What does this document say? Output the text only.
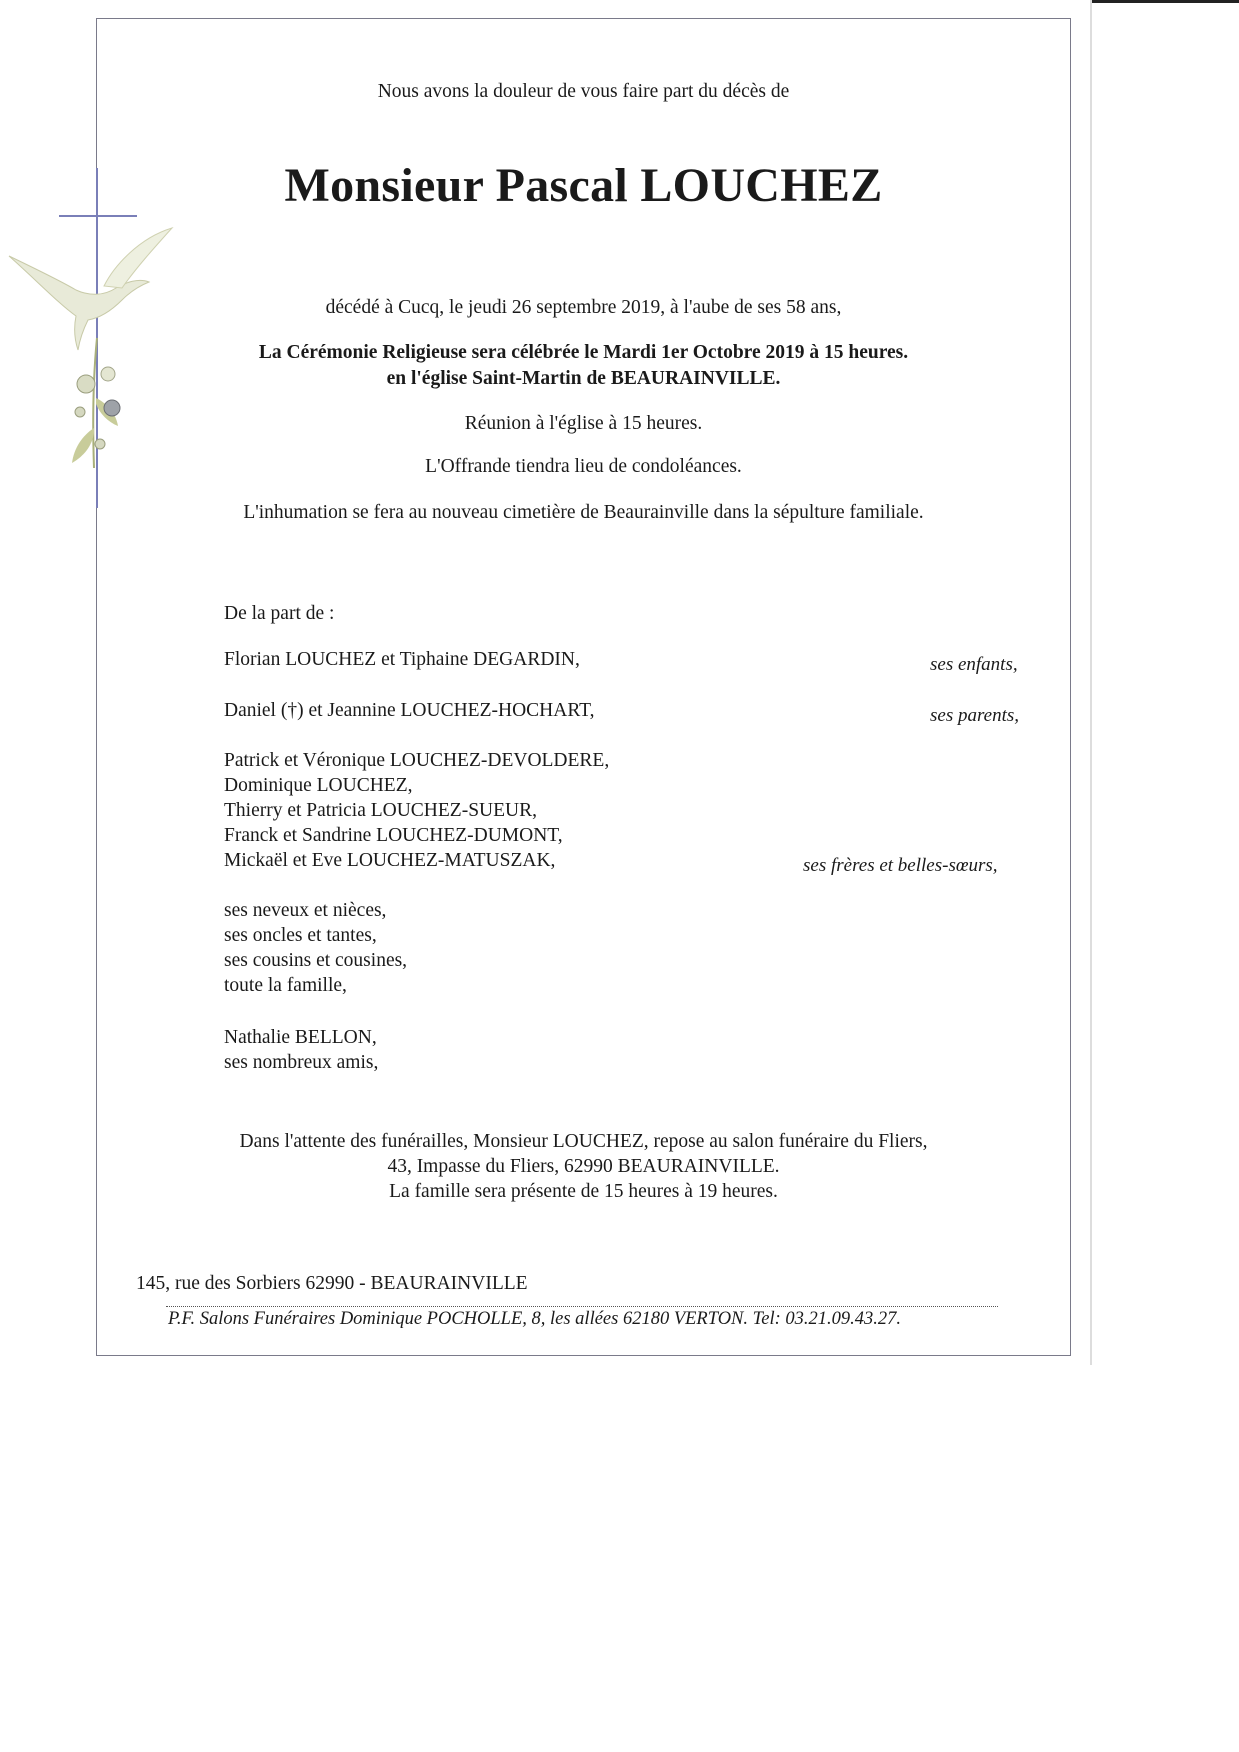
Nous avons la douleur de vous faire part du décès de
Monsieur Pascal LOUCHEZ
décédé à Cucq, le jeudi 26 septembre 2019, à l'aube de ses 58 ans,
La Cérémonie Religieuse sera célébrée le Mardi 1er Octobre 2019 à 15 heures.
en l'église Saint-Martin de BEAURAINVILLE.
Réunion à l'église à 15 heures.
L'Offrande tiendra lieu de condoléances.
L'inhumation se fera au nouveau cimetière de Beaurainville dans la sépulture familiale.
De la part de :
Florian LOUCHEZ et Tiphaine DEGARDIN,	ses enfants,
Daniel (†) et Jeannine LOUCHEZ-HOCHART,	ses parents,
Patrick et Véronique LOUCHEZ-DEVOLDERE,
Dominique LOUCHEZ,
Thierry et Patricia LOUCHEZ-SUEUR,
Franck et Sandrine LOUCHEZ-DUMONT,
Mickaël et Eve LOUCHEZ-MATUSZAK,	ses frères et belles-sœurs,
ses neveux et nièces,
ses oncles et tantes,
ses cousins et cousines,
toute la famille,
Nathalie BELLON,
ses nombreux amis,
Dans l'attente des funérailles, Monsieur LOUCHEZ, repose au salon funéraire du Fliers,
43, Impasse du Fliers, 62990 BEAURAINVILLE.
La famille sera présente de 15 heures à 19 heures.
145, rue des Sorbiers 62990 - BEAURAINVILLE
P.F. Salons Funéraires Dominique POCHOLLE, 8, les allées 62180 VERTON. Tel: 03.21.09.43.27.
